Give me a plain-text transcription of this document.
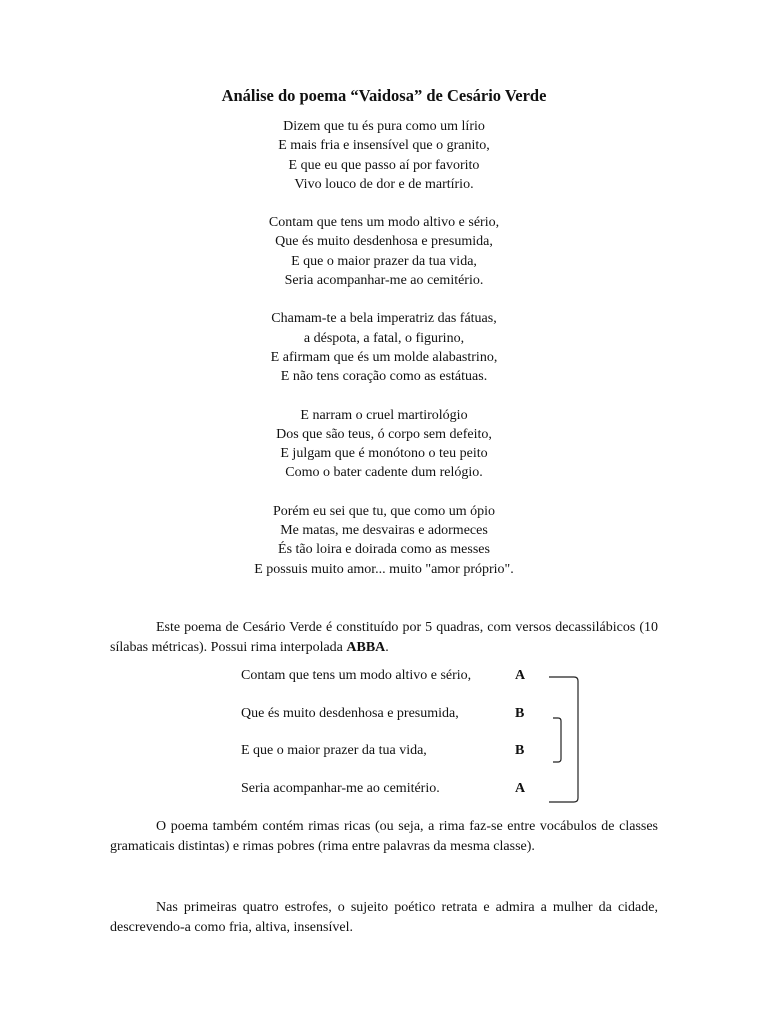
Análise do poema “Vaidosa” de Cesário Verde
Dizem que tu és pura como um lírio
E mais fria e insensível que o granito,
E que eu que passo aí por favorito
Vivo louco de dor e de martírio.
Contam que tens um modo altivo e sério,
Que és muito desdenhosa e presumida,
E que o maior prazer da tua vida,
Seria acompanhar-me ao cemitério.
Chamam-te a bela imperatriz das fátuas,
a déspota, a fatal, o figurino,
E afirmam que és um molde alabastrino,
E não tens coração como as estátuas.
E narram o cruel martirológio
Dos que são teus, ó corpo sem defeito,
E julgam que é monótono o teu peito
Como o bater cadente dum relógio.
Porém eu sei que tu, que como um ópio
Me matas, me desvairas e adormeces
És tão loira e doirada como as messes
E possuis muito amor... muito "amor próprio".

Este poema de Cesário Verde é constituído por 5 quadras, com versos decassilábicos (10 sílabas métricas). Possui rima interpolada ABBA.

Contam que tens um modo altivo e sério,	A
Que és muito desdenhosa e presumida,	B
E que o maior prazer da tua vida,	B
Seria acompanhar-me ao cemitério.	A

O poema também contém rimas ricas (ou seja, a rima faz-se entre vocábulos de classes gramaticais distintas) e rimas pobres (rima entre palavras da mesma classe).

Nas primeiras quatro estrofes, o sujeito poético retrata e admira a mulher da cidade, descrevendo-a como fria, altiva, insensível.
